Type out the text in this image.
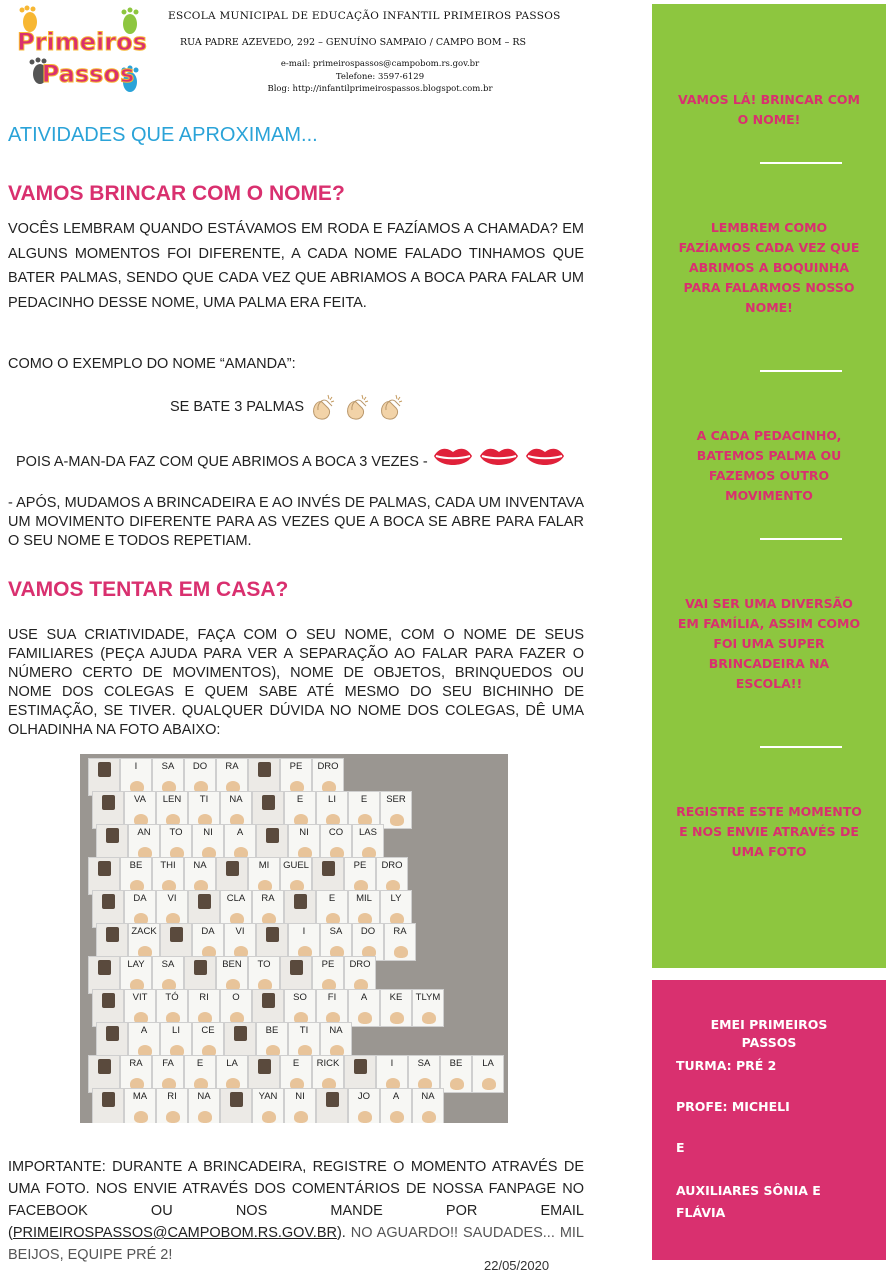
Primeiros
Passos
ESCOLA MUNICIPAL DE EDUCAÇÃO INFANTIL PRIMEIROS PASSOS
RUA PADRE AZEVEDO, 292 – GENUÍNO SAMPAIO / CAMPO BOM – RS
e-mail: primeirospassos@campobom.rs.gov.br
Telefone: 3597-6129
Blog: http://infantilprimeirospassos.blogspot.com.br
ATIVIDADES QUE APROXIMAM...
VAMOS BRINCAR COM O NOME?
VOCÊS LEMBRAM QUANDO ESTÁVAMOS EM RODA E FAZÍAMOS A CHAMADA? EM ALGUNS MOMENTOS FOI DIFERENTE, A CADA NOME FALADO TINHAMOS QUE BATER PALMAS, SENDO QUE CADA VEZ QUE ABRIAMOS A BOCA PARA FALAR UM PEDACINHO DESSE NOME, UMA PALMA ERA FEITA.
COMO O EXEMPLO DO NOME “AMANDA”:
SE BATE 3 PALMAS
POIS A-MAN-DA FAZ COM QUE ABRIMOS A BOCA 3 VEZES -
- APÓS, MUDAMOS A BRINCADEIRA E AO INVÉS DE PALMAS, CADA UM INVENTAVA UM MOVIMENTO DIFERENTE PARA AS VEZES QUE A BOCA SE ABRE PARA FALAR O SEU NOME E TODOS REPETIAM.
VAMOS TENTAR EM CASA?
USE SUA CRIATIVIDADE, FAÇA COM O SEU NOME, COM O NOME DE SEUS FAMILIARES (PEÇA AJUDA PARA VER A SEPARAÇÃO AO FALAR PARA FAZER O NÚMERO CERTO DE MOVIMENTOS), NOME DE OBJETOS, BRINQUEDOS OU NOME DOS COLEGAS E QUEM SABE ATÉ MESMO DO SEU BICHINHO DE ESTIMAÇÃO, SE TIVER. QUALQUER DÚVIDA NO NOME DOS COLEGAS, DÊ UMA OLHADINHA NA FOTO ABAIXO:
I	SA	DO	RA	PE	DRO
VA	LEN	TI	NA	E	LI	E	SER
AN	TO	NI	A	NI	CO	LAS
BE	THI	NA	MI	GUEL	PE	DRO
DA	VI	CLA	RA	E	MIL	LY
ZACK	DA	VI	I	SA	DO	RA
LAY	SA	BEN	TO	PE	DRO
VIT	TÓ	RI	O	SO	FI	A	KE	TLYM
A	LI	CE	BE	TI	NA
RA	FA	E	LA	E	RICK	I	SA	BE	LA
MA	RI	NA	YAN	NI	JO	A	NA
IMPORTANTE: DURANTE A BRINCADEIRA, REGISTRE O MOMENTO ATRAVÉS DE UMA FOTO. NOS ENVIE ATRAVÉS DOS COMENTÁRIOS DE NOSSA FANPAGE NO FACEBOOK OU NOS MANDE POR EMAIL (PRIMEIROSPASSOS@CAMPOBOM.RS.GOV.BR). NO AGUARDO!! SAUDADES... MIL BEIJOS, EQUIPE PRÉ 2!
22/05/2020
VAMOS LÁ! BRINCAR COM O NOME!
LEMBREM COMO FAZÍAMOS CADA VEZ QUE ABRIMOS A BOQUINHA PARA FALARMOS NOSSO NOME!
A CADA PEDACINHO, BATEMOS PALMA OU FAZEMOS OUTRO MOVIMENTO
VAI SER UMA DIVERSÃO EM FAMÍLIA, ASSIM COMO FOI UMA SUPER BRINCADEIRA NA ESCOLA!!
REGISTRE ESTE MOMENTO E NOS ENVIE ATRAVÉS DE UMA FOTO
EMEI PRIMEIROS PASSOS
TURMA: PRÉ 2
PROFE: MICHELI
E
AUXILIARES SÔNIA E FLÁVIA
